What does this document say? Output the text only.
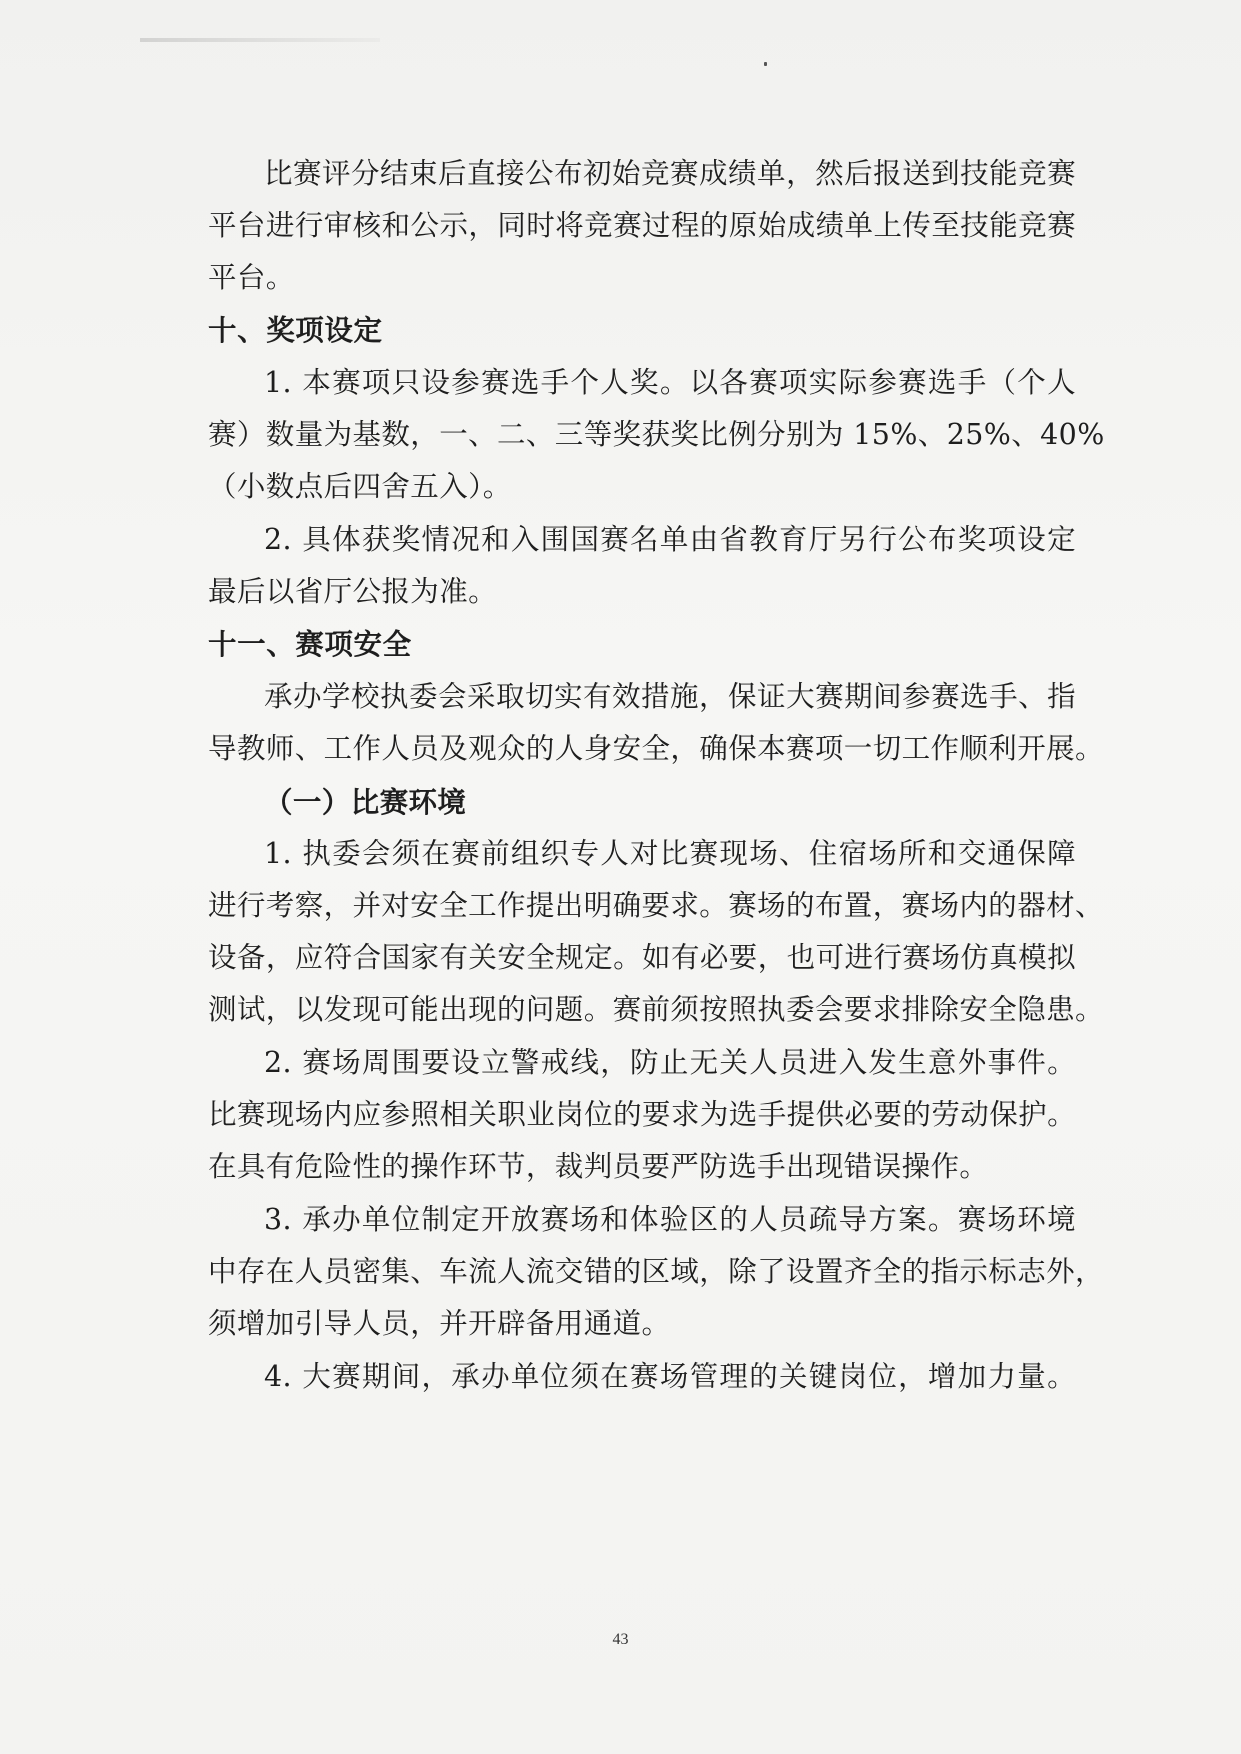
比赛评分结束后直接公布初始竞赛成绩单，然后报送到技能竞赛
平台进行审核和公示，同时将竞赛过程的原始成绩单上传至技能竞赛
平台。
十、奖项设定
1. 本赛项只设参赛选手个人奖。以各赛项实际参赛选手（个人
赛）数量为基数，一、二、三等奖获奖比例分别为 15%、25%、40%
（小数点后四舍五入）。
2. 具体获奖情况和入围国赛名单由省教育厅另行公布奖项设定
最后以省厅公报为准。
十一、赛项安全
承办学校执委会采取切实有效措施，保证大赛期间参赛选手、指
导教师、工作人员及观众的人身安全，确保本赛项一切工作顺利开展。
（一）比赛环境
1. 执委会须在赛前组织专人对比赛现场、住宿场所和交通保障
进行考察，并对安全工作提出明确要求。赛场的布置，赛场内的器材、
设备，应符合国家有关安全规定。如有必要，也可进行赛场仿真模拟
测试，以发现可能出现的问题。赛前须按照执委会要求排除安全隐患。
2. 赛场周围要设立警戒线，防止无关人员进入发生意外事件。
比赛现场内应参照相关职业岗位的要求为选手提供必要的劳动保护。
在具有危险性的操作环节，裁判员要严防选手出现错误操作。
3. 承办单位制定开放赛场和体验区的人员疏导方案。赛场环境
中存在人员密集、车流人流交错的区域，除了设置齐全的指示标志外，
须增加引导人员，并开辟备用通道。
4. 大赛期间，承办单位须在赛场管理的关键岗位，增加力量。
43
